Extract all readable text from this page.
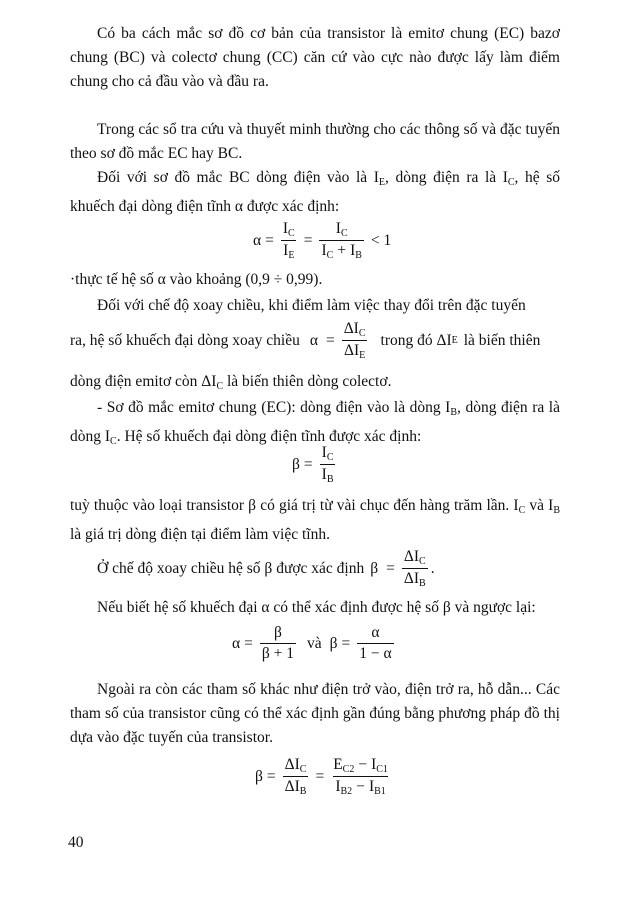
Có ba cách mắc sơ đồ cơ bản của transistor là emitơ chung (EC) bazơ chung (BC) và colectơ chung (CC) căn cứ vào cực nào được lấy làm điểm chung cho cả đầu vào và đầu ra.
Trong các sổ tra cứu và thuyết minh thường cho các thông số và đặc tuyến theo sơ đồ mắc EC hay BC.
Đối với sơ đồ mắc BC dòng điện vào là $I_E$, dòng điện ra là $I_C$, hệ số khuếch đại dòng điện tĩnh α được xác định:
$\alpha = \frac{I_C}{I_E} = \frac{I_C}{I_C + I_B} < 1$
·thực tế hệ số α vào khoảng (0,9 ÷ 0,99).
Đối với chế độ xoay chiều, khi điểm làm việc thay đổi trên đặc tuyến
ra, hệ số khuếch đại dòng xoay chiều $\alpha = \frac{\Delta I_C}{\Delta I_E}$ trong đó ΔI E là biến thiên
dòng điện emitơ còn $\Delta I_C$ là biến thiên dòng colectơ.
- Sơ đồ mắc emitơ chung (EC): dòng điện vào là dòng $I_B$, dòng điện ra là dòng $I_C$. Hệ số khuếch đại dòng điện tĩnh được xác định:
$\beta = \frac{I_C}{I_B}$
tuỳ thuộc vào loại transistor β có giá trị từ vài chục đến hàng trăm lần. $I_C$ và $I_B$ là giá trị dòng điện tại điểm làm việc tĩnh.
Ở chế độ xoay chiều hệ số β được xác định $\beta = \frac{\Delta I_C}{\Delta I_B}$ .
Nếu biết hệ số khuếch đại α có thể xác định được hệ số β và ngược lại:
$\alpha = \frac{\beta}{\beta + 1}$ và $\beta = \frac{\alpha}{1 - \alpha}$
Ngoài ra còn các tham số khác như điện trở vào, điện trở ra, hỗ dẫn... Các tham số của transistor cũng có thể xác định gần đúng bằng phương pháp đồ thị dựa vào đặc tuyến của transistor.
$\beta = \frac{\Delta I_C}{\Delta I_B} = \frac{E_{C2} - I_{C1}}{I_{B2} - I_{B1}}$
40
